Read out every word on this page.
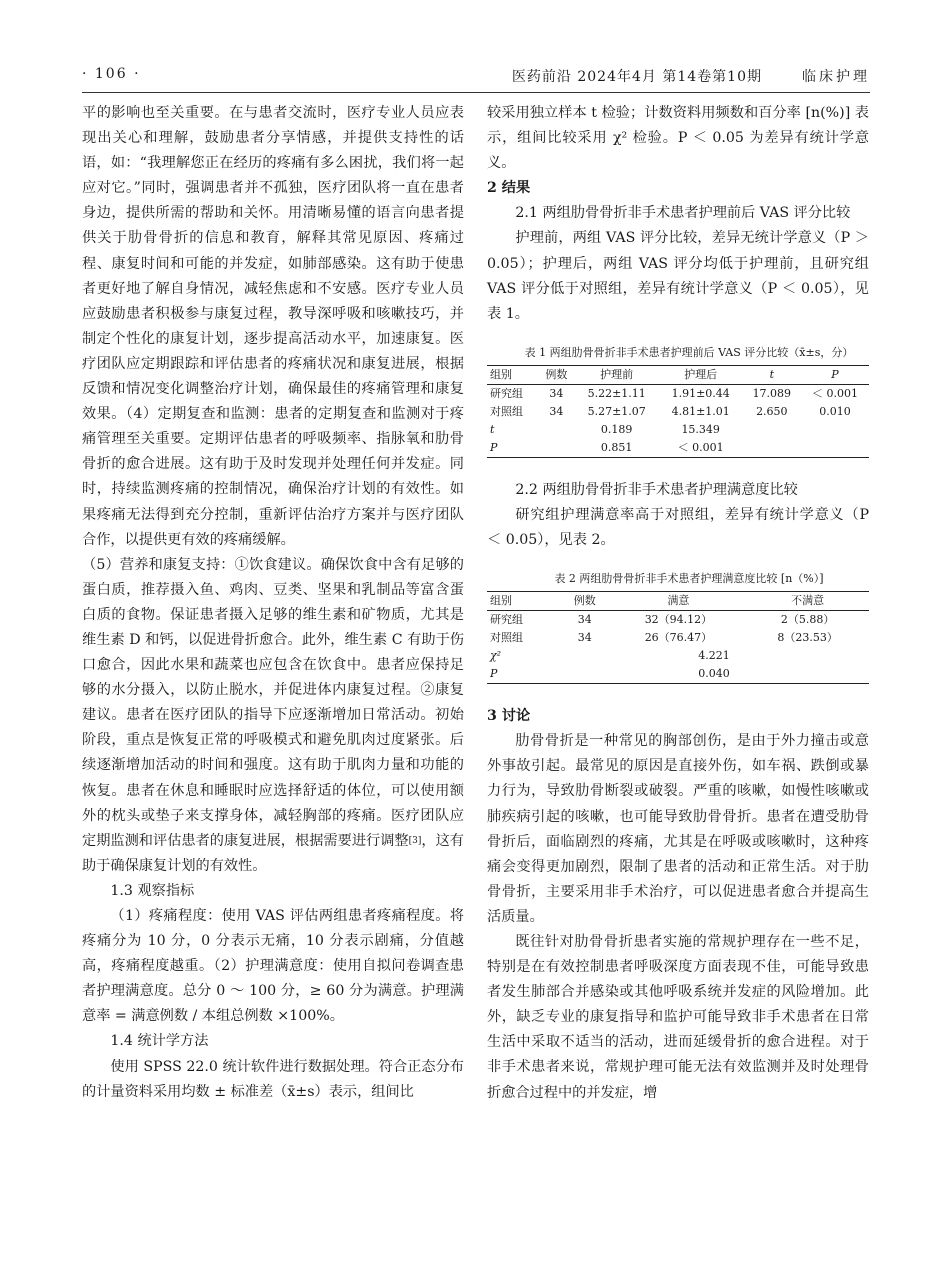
· 106 ·	医药前沿 2024年4月 第14卷第10期	临床护理

平的影响也至关重要。在与患者交流时，医疗专业人员应表现出关心和理解，鼓励患者分享情感，并提供支持性的话语，如：“我理解您正在经历的疼痛有多么困扰，我们将一起应对它。”同时，强调患者并不孤独，医疗团队将一直在患者身边，提供所需的帮助和关怀。用清晰易懂的语言向患者提供关于肋骨骨折的信息和教育，解释其常见原因、疼痛过程、康复时间和可能的并发症，如肺部感染。这有助于使患者更好地了解自身情况，减轻焦虑和不安感。医疗专业人员应鼓励患者积极参与康复过程，教导深呼吸和咳嗽技巧，并制定个性化的康复计划，逐步提高活动水平，加速康复。医疗团队应定期跟踪和评估患者的疼痛状况和康复进展，根据反馈和情况变化调整治疗计划，确保最佳的疼痛管理和康复效果。（4）定期复查和监测：患者的定期复查和监测对于疼痛管理至关重要。定期评估患者的呼吸频率、指脉氧和肋骨骨折的愈合进展。这有助于及时发现并处理任何并发症。同时，持续监测疼痛的控制情况，确保治疗计划的有效性。如果疼痛无法得到充分控制，重新评估治疗方案并与医疗团队合作，以提供更有效的疼痛缓解。

（5）营养和康复支持：①饮食建议。确保饮食中含有足够的蛋白质，推荐摄入鱼、鸡肉、豆类、坚果和乳制品等富含蛋白质的食物。保证患者摄入足够的维生素和矿物质，尤其是维生素 D 和钙，以促进骨折愈合。此外，维生素 C 有助于伤口愈合，因此水果和蔬菜也应包含在饮食中。患者应保持足够的水分摄入，以防止脱水，并促进体内康复过程。②康复建议。患者在医疗团队的指导下应逐渐增加日常活动。初始阶段，重点是恢复正常的呼吸模式和避免肌肉过度紧张。后续逐渐增加活动的时间和强度。这有助于肌肉力量和功能的恢复。患者在休息和睡眠时应选择舒适的体位，可以使用额外的枕头或垫子来支撑身体，减轻胸部的疼痛。医疗团队应定期监测和评估患者的康复进展，根据需要进行调整[3]，这有助于确保康复计划的有效性。

1.3 观察指标

（1）疼痛程度：使用 VAS 评估两组患者疼痛程度。将疼痛分为 10 分，0 分表示无痛，10 分表示剧痛，分值越高，疼痛程度越重。（2）护理满意度：使用自拟问卷调查患者护理满意度。总分 0 ～ 100 分，≥ 60 分为满意。护理满意率 = 满意例数 / 本组总例数 ×100%。

1.4 统计学方法

使用 SPSS 22.0 统计软件进行数据处理。符合正态分布的计量资料采用均数 ± 标准差（x̄±s）表示，组间比

较采用独立样本 t 检验；计数资料用频数和百分率 [n(%)] 表示，组间比较采用 χ² 检验。P ＜ 0.05 为差异有统计学意义。

2 结果
2.1 两组肋骨骨折非手术患者护理前后 VAS 评分比较

护理前，两组 VAS 评分比较，差异无统计学意义（P ＞ 0.05）；护理后，两组 VAS 评分均低于护理前，且研究组 VAS 评分低于对照组，差异有统计学意义（P ＜ 0.05），见表 1。

表 1 两组肋骨骨折非手术患者护理前后 VAS 评分比较（x̄±s，分）

组别	例数	护理前	护理后	t	P
研究组	34	5.22±1.11	1.91±0.44	17.089	＜ 0.001
对照组	34	5.27±1.07	4.81±1.01	2.650	0.010
t		0.189	15.349		
P		0.851	＜ 0.001		
2.2 两组肋骨骨折非手术患者护理满意度比较

研究组护理满意率高于对照组，差异有统计学意义（P ＜ 0.05），见表 2。

表 2 两组肋骨骨折非手术患者护理满意度比较 [n（%）]

组别	例数	满意	不满意
研究组	34	32（94.12）	2（5.88）
对照组	34	26（76.47）	8（23.53）
χ²	4.221		
P	0.040		
3 讨论

肋骨骨折是一种常见的胸部创伤，是由于外力撞击或意外事故引起。最常见的原因是直接外伤，如车祸、跌倒或暴力行为，导致肋骨断裂或破裂。严重的咳嗽，如慢性咳嗽或肺疾病引起的咳嗽，也可能导致肋骨骨折。患者在遭受肋骨骨折后，面临剧烈的疼痛，尤其是在呼吸或咳嗽时，这种疼痛会变得更加剧烈，限制了患者的活动和正常生活。对于肋骨骨折，主要采用非手术治疗，可以促进患者愈合并提高生活质量。

既往针对肋骨骨折患者实施的常规护理存在一些不足，特别是在有效控制患者呼吸深度方面表现不佳，可能导致患者发生肺部合并感染或其他呼吸系统并发症的风险增加。此外，缺乏专业的康复指导和监护可能导致非手术患者在日常生活中采取不适当的活动，进而延缓骨折的愈合进程。对于非手术患者来说，常规护理可能无法有效监测并及时处理骨折愈合过程中的并发症，增
